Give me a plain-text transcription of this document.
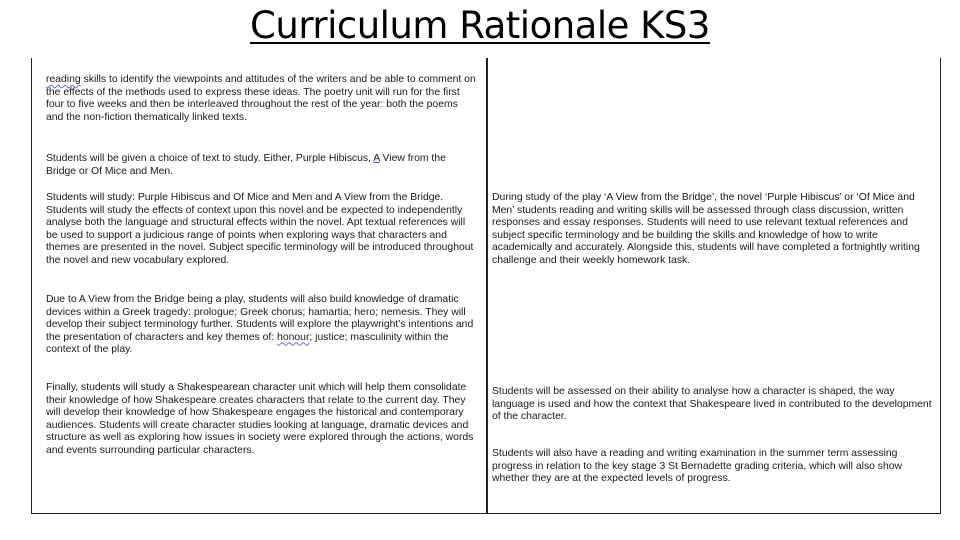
Curriculum Rationale KS3

reading skills to identify the viewpoints and attitudes of the writers and be able to comment on the effects of the methods used to express these ideas. The poetry unit will run for the first four to five weeks and then be interleaved throughout the rest of the year: both the poems and the non-fiction thematically linked texts.

Students will be given a choice of text to study. Either, Purple Hibiscus, A View from the Bridge or Of Mice and Men.

Students will study: Purple Hibiscus and Of Mice and Men and A View from the Bridge. Students will study the effects of context upon this novel and be expected to independently analyse both the language and structural effects within the novel. Apt textual references will be used to support a judicious range of points when exploring ways that characters and themes are presented in the novel. Subject specific terminology will be introduced throughout the novel and new vocabulary explored.

Due to A View from the Bridge being a play, students will also build knowledge of dramatic devices within a Greek tragedy: prologue; Greek chorus; hamartia; hero; nemesis. They will develop their subject terminology further. Students will explore the playwright’s intentions and the presentation of characters and key themes of: honour; justice; masculinity within the context of the play.

Finally, students will study a Shakespearean character unit which will help them consolidate their knowledge of how Shakespeare creates characters that relate to the current day. They will develop their knowledge of how Shakespeare engages the historical and contemporary audiences. Students will create character studies looking at language, dramatic devices and structure as well as exploring how issues in society were explored through the actions, words and events surrounding particular characters.

During study of the play ‘A View from the Bridge’, the novel ‘Purple Hibiscus’ or ‘Of Mice and Men’ students reading and writing skills will be assessed through class discussion, written responses and essay responses. Students will need to use relevant textual references and subject specific terminology and be building the skills and knowledge of how to write academically and accurately. Alongside this, students will have completed a fortnightly writing challenge and their weekly homework task.

Students will be assessed on their ability to analyse how a character is shaped, the way language is used and how the context that Shakespeare lived in contributed to the development of the character.

Students will also have a reading and writing examination in the summer term assessing progress in relation to the key stage 3 St Bernadette grading criteria, which will also show whether they are at the expected levels of progress.
